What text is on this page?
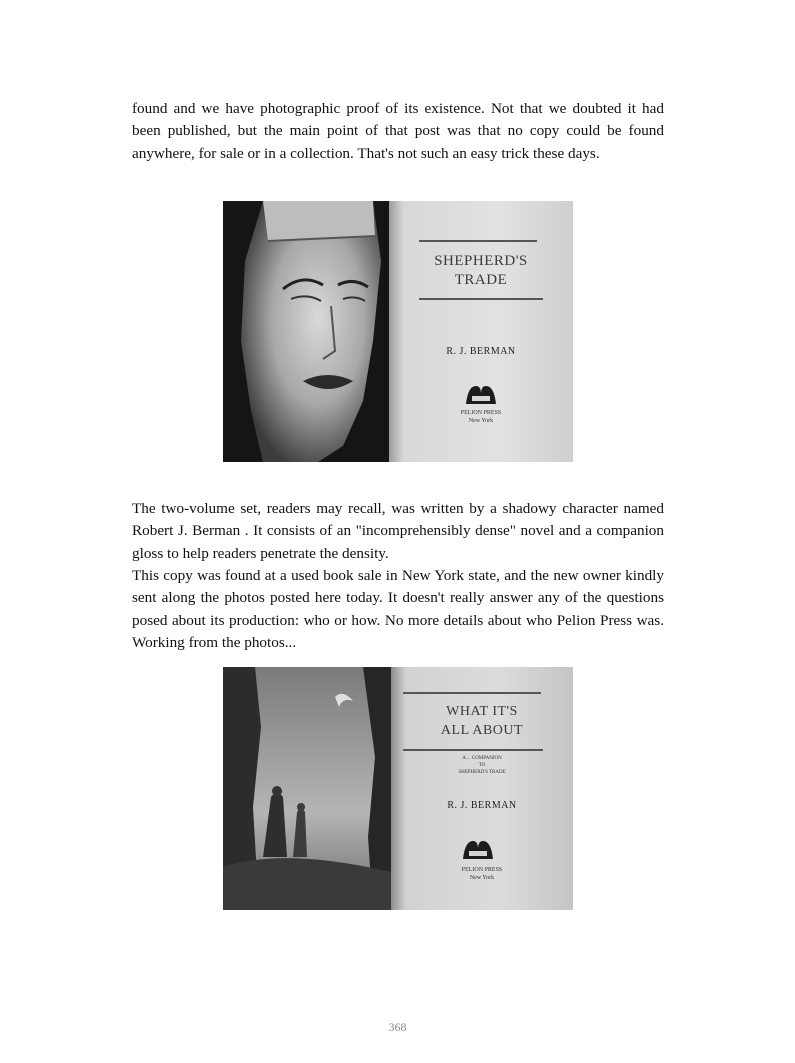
found and we have photographic proof of its existence. Not that we doubted it had been published, but the main point of that post was that no copy could be found anywhere, for sale or in a collection. That's not such an easy trick these days.

SHEPHERD'S
TRADE
R. J. BERMAN
PELION PRESS
New York

The two-volume set, readers may recall, was written by a shadowy character named Robert J. Berman . It consists of an "incomprehensibly dense" novel and a companion gloss to help readers penetrate the density.

This copy was found at a used book sale in New York state, and the new owner kindly sent along the photos posted here today. It doesn't really answer any of the questions posed about its production: who or how. No more details about who Pelion Press was. Working from the photos...

WHAT IT'S
ALL ABOUT
A ... COMPANION
TO
SHEPHERD'S TRADE
R. J. BERMAN
PELION PRESS
New York
368
